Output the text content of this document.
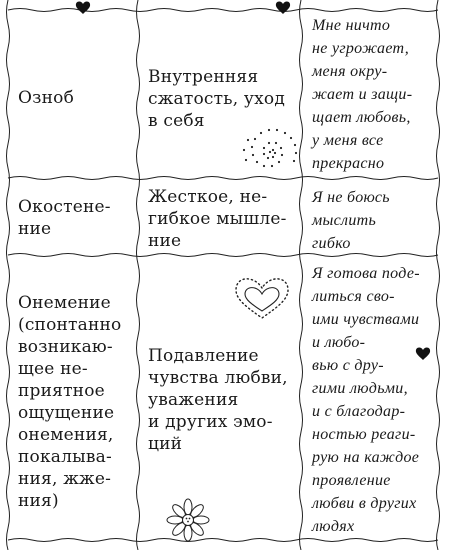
Озноб

Внутренняя
сжатость, уход
в себя

Мне ничто
не угрожает,
меня окру-
жает и защи-
щает любовь,
у меня все
прекрасно

Окостене-
ние

Жесткое, не-
гибкое мышле-
ние

Я не боюсь
мыслить
гибко

Онемение
(спонтанно
возникаю-
щее не-
приятное
ощущение
онемения,
покалыва-
ния, жже-
ния)

Подавление
чувства любви,
уважения
и других эмо-
ций

Я готова поде-
литься сво-
ими чувствами
и любо-
вью с дру-
гими людьми,
и с благодар-
ностью реаги-
рую на каждое
проявление
любви в других
людях
